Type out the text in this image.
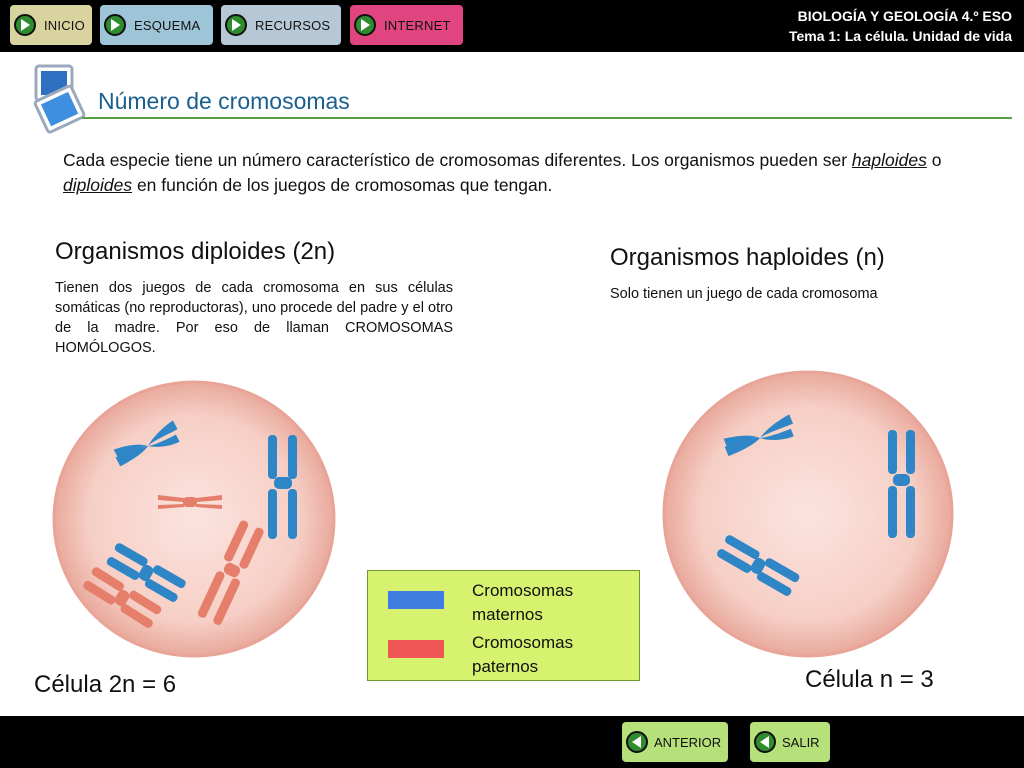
INICIO	ESQUEMA	RECURSOS	INTERNET
BIOLOGÍA Y GEOLOGÍA 4.º ESO
Tema 1: La célula. Unidad de vida
Número de cromosomas
Cada especie tiene un número característico de cromosomas diferentes. Los organismos pueden ser haploides o diploides en función de los juegos de cromosomas que tengan.
Organismos diploides (2n)
Tienen dos juegos de cada cromosoma en sus células somáticas (no reproductoras), uno procede del padre y el otro de la madre. Por eso de llaman CROMOSOMAS HOMÓLOGOS.
Organismos haploides (n)
Solo tienen un juego de cada cromosoma
Cromosomas
maternos
Cromosomas
paternos
Célula 2n = 6	Célula n = 3
ANTERIOR	SALIR
